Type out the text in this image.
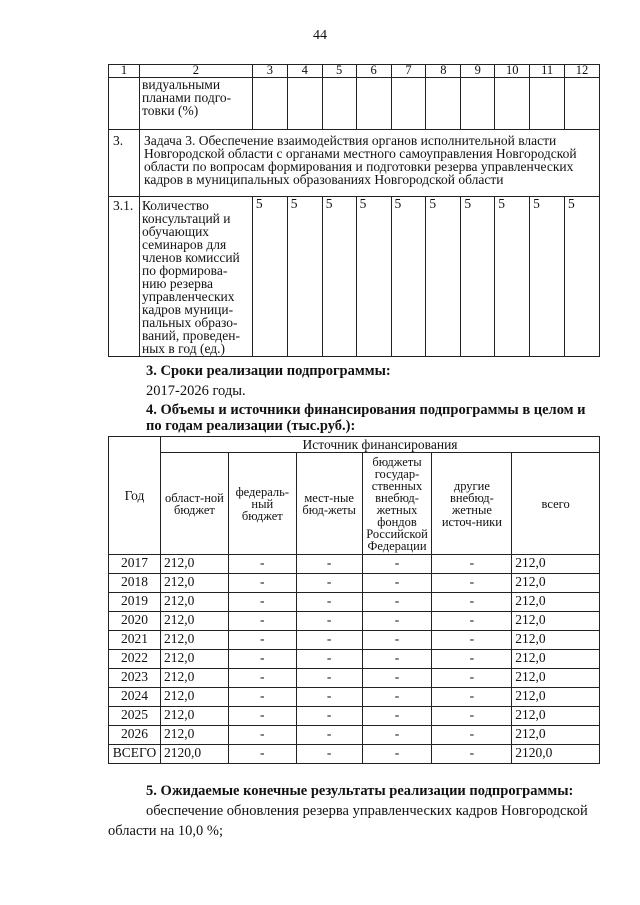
44
1	2	3	4	5	6	7	8	9	10	11	12
	видуальными планами подго-товки (%)										
3.	Задача 3. Обеспечение взаимодействия органов исполнительной власти Новгородской области с органами местного самоуправления Новгородской области по вопросам формирования и подготовки резерва управленческих кадров в муниципальных образованиях Новгородской области										
3.1.	Количество консультаций и обучающих семинаров для членов комиссий по формирова-нию резерва управленческих кадров муници-пальных образо-ваний, проведен-ных в год (ед.)	5	5	5	5	5	5	5	5	5	5
3. Сроки реализации подпрограммы:
2017-2026 годы.
4. Объемы и источники финансирования подпрограммы в целом и по годам реализации (тыс.руб.):
Год	Источник финансирования					
	област-ной бюджет	федераль-ный бюджет	мест-ные бюд-жеты	бюджеты государ-ственных внебюд-жетных фондов Российской Федерации	другие внебюд-жетные источ-ники	всего
2017	212,0	-	-	-	-	212,0
2018	212,0	-	-	-	-	212,0
2019	212,0	-	-	-	-	212,0
2020	212,0	-	-	-	-	212,0
2021	212,0	-	-	-	-	212,0
2022	212,0	-	-	-	-	212,0
2023	212,0	-	-	-	-	212,0
2024	212,0	-	-	-	-	212,0
2025	212,0	-	-	-	-	212,0
2026	212,0	-	-	-	-	212,0
ВСЕГО	2120,0	-	-	-	-	2120,0
5. Ожидаемые конечные результаты реализации подпрограммы:
обеспечение обновления резерва управленческих кадров Новгородской
области на 10,0 %;
